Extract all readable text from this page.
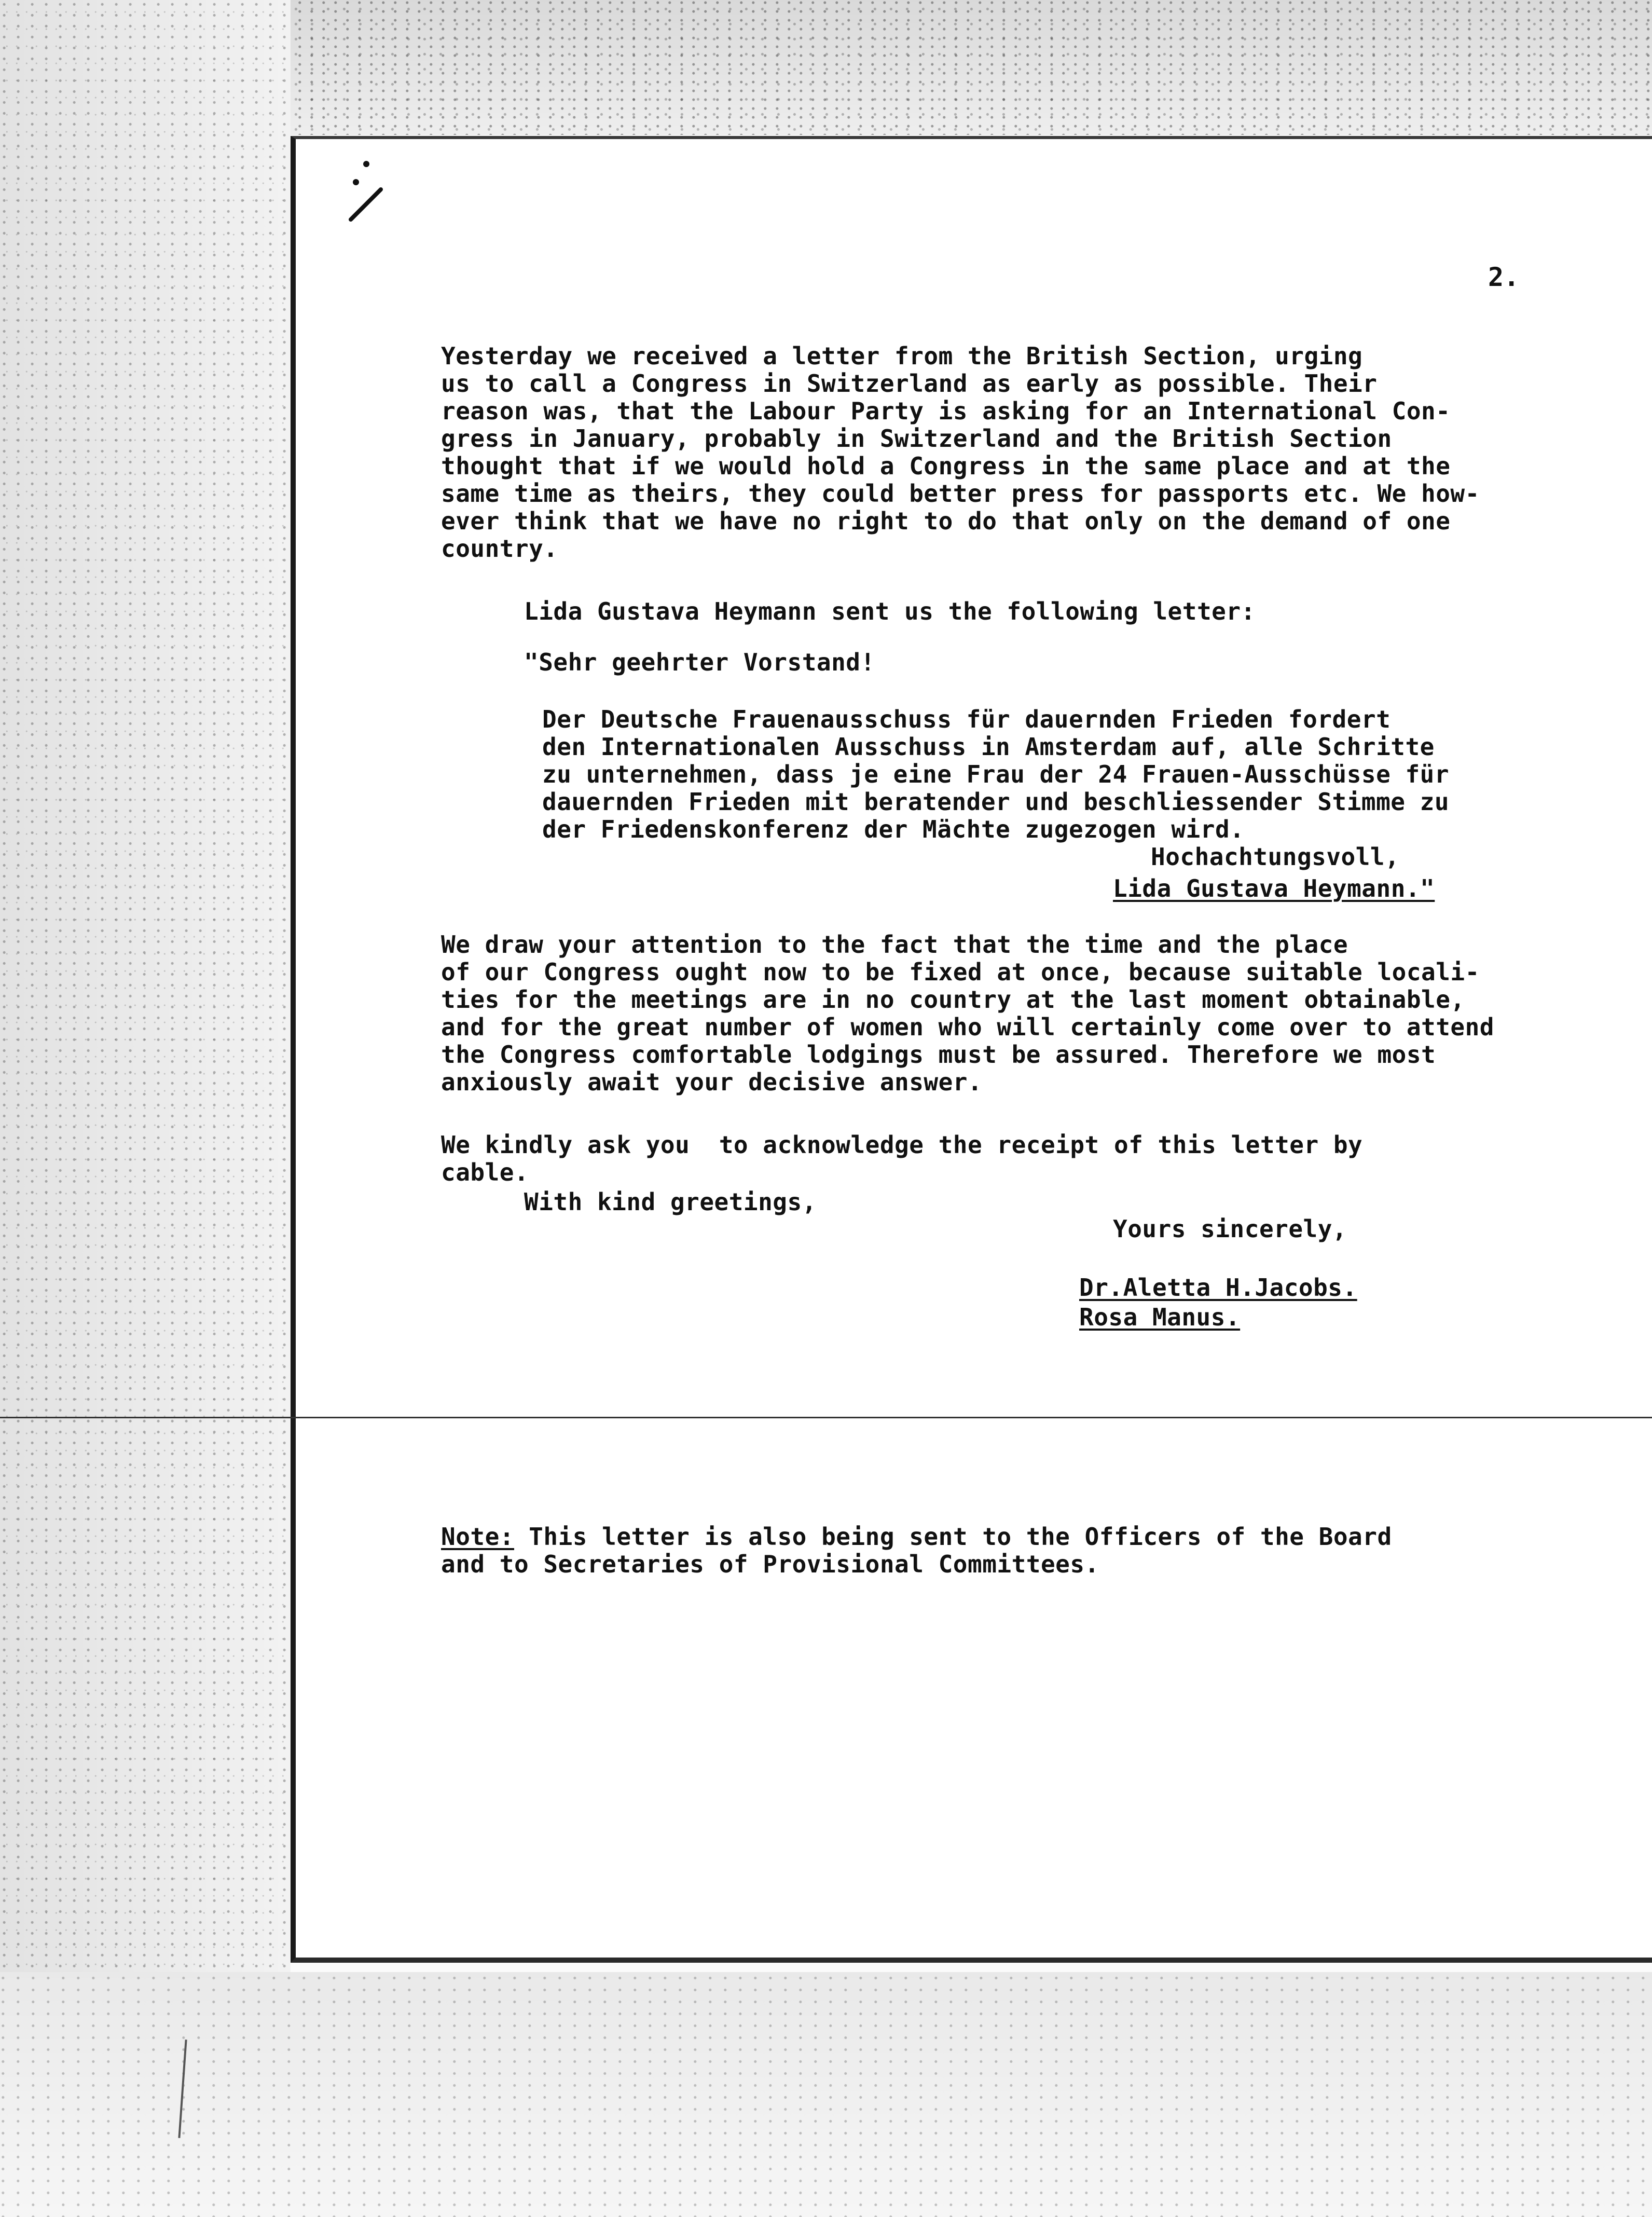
2.
Yesterday we received a letter from the British Section, urging
us to call a Congress in Switzerland as early as possible. Their
reason was, that the Labour Party is asking for an International Con-
gress in January, probably in Switzerland and the British Section
thought that if we would hold a Congress in the same place and at the
same time as theirs, they could better press for passports etc. We how-
ever think that we have no right to do that only on the demand of one
country.
Lida Gustava Heymann sent us the following letter:
"Sehr geehrter Vorstand!
Der Deutsche Frauenausschuss für dauernden Frieden fordert
den Internationalen Ausschuss in Amsterdam auf, alle Schritte
zu unternehmen, dass je eine Frau der 24 Frauen-Ausschüsse für
dauernden Frieden mit beratender und beschliessender Stimme zu
der Friedenskonferenz der Mächte zugezogen wird.
Hochachtungsvoll,
Lida Gustava Heymann."
We draw your attention to the fact that the time and the place
of our Congress ought now to be fixed at once, because suitable locali-
ties for the meetings are in no country at the last moment obtainable,
and for the great number of women who will certainly come over to attend
the Congress comfortable lodgings must be assured. Therefore we most
anxiously await your decisive answer.
We kindly ask you  to acknowledge the receipt of this letter by
cable.
With kind greetings,
Yours sincerely,
Dr.Aletta H.Jacobs.
Rosa Manus.
Note: This letter is also being sent to the Officers of the Board
and to Secretaries of Provisional Committees.
